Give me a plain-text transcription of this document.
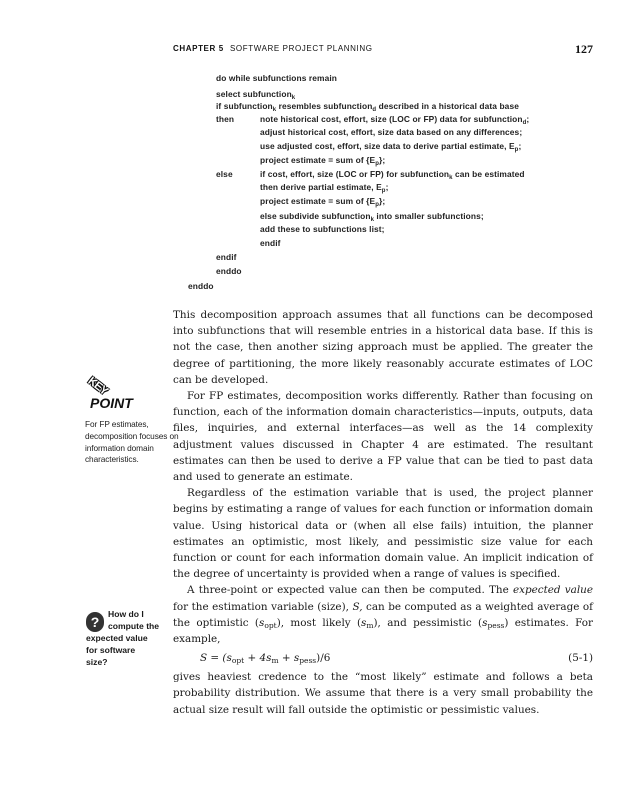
CHAPTER 5 SOFTWARE PROJECT PLANNING	127
do while subfunctions remain
select subfunction$_k$
if subfunction$_k$ resembles subfunction$_d$ described in a historical data base
then	note historical cost, effort, size (LOC or FP) data for subfunction$_d$;
adjust historical cost, effort, size data based on any differences;
use adjusted cost, effort, size data to derive partial estimate, $E_p$;
project estimate = sum of $\{E_p\}$;
else	if cost, effort, size (LOC or FP) for subfunction$_k$ can be estimated
then derive partial estimate, $E_p$;
project estimate = sum of $\{E_p\}$;
else subdivide subfunction$_k$ into smaller subfunctions;
add these to subfunctions list;
endif
endif
enddo
enddo

This decomposition approach assumes that all functions can be decomposed into subfunctions that will resemble entries in a historical data base. If this is not the case, then another sizing approach must be applied. The greater the degree of partitioning, the more likely reasonably accurate estimates of LOC can be developed.

For FP estimates, decomposition works differently. Rather than focusing on function, each of the information domain characteristics—inputs, outputs, data files, inquiries, and external interfaces—as well as the 14 complexity adjustment values discussed in Chapter 4 are estimated. The resultant estimates can then be used to derive a FP value that can be tied to past data and used to generate an estimate.

Regardless of the estimation variable that is used, the project planner begins by estimating a range of values for each function or information domain value. Using historical data or (when all else fails) intuition, the planner estimates an optimistic, most likely, and pessimistic size value for each function or count for each information domain value. An implicit indication of the degree of uncertainty is provided when a range of values is specified.

A three-point or expected value can then be computed. The expected value for the estimation variable (size), S, can be computed as a weighted average of the optimistic $(s_{opt})$, most likely $(s_m)$, and pessimistic $(s_{pess})$ estimates. For example,

$S = (s_{opt} + 4s_m + s_{pess})/6$	(5-1)

gives heaviest credence to the “most likely” estimate and follows a beta probability distribution. We assume that there is a very small probability the actual size result will fall outside the optimistic or pessimistic values.

KEY
POINT
For FP estimates, decomposition focuses on information domain characteristics.
?	How do I
compute the
expected value
for software
size?
